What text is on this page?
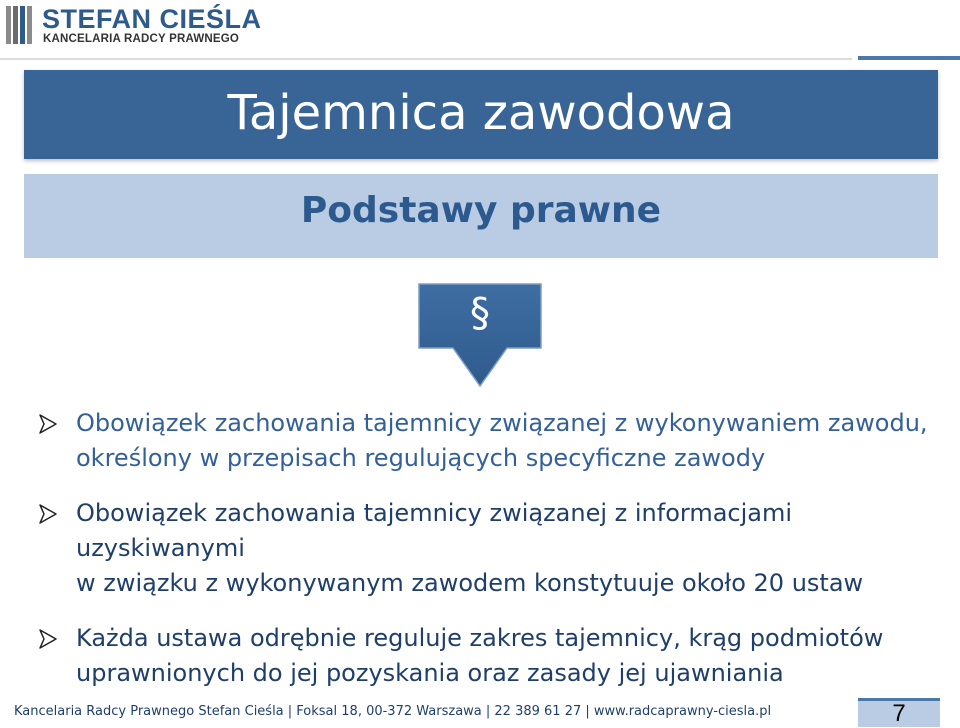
STEFAN CIEŚLA
KANCELARIA RADCY PRAWNEGO
Tajemnica zawodowa
Podstawy prawne
§
Obowiązek zachowania tajemnicy związanej z wykonywaniem zawodu,
określony w przepisach regulujących specyficzne zawody
Obowiązek zachowania tajemnicy związanej z informacjami uzyskiwanymi
w związku z wykonywanym zawodem konstytuuje około 20 ustaw
Każda ustawa odrębnie reguluje zakres tajemnicy, krąg podmiotów
uprawnionych do jej pozyskania oraz zasady jej ujawniania
Kancelaria Radcy Prawnego Stefan Cieśla | Foksal 18, 00-372 Warszawa | 22 389 61 27 | www.radcaprawny-ciesla.pl	7
